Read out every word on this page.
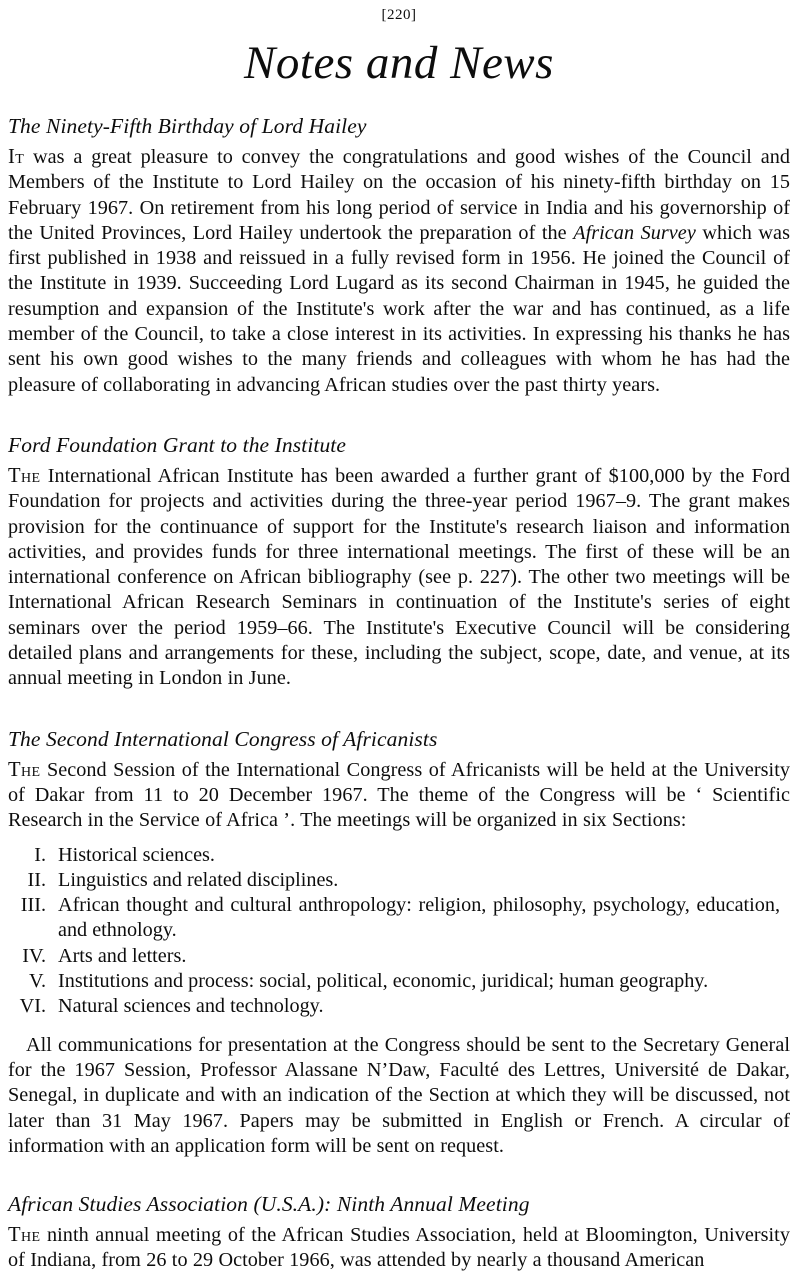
[220]
Notes and News
The Ninety-Fifth Birthday of Lord Hailey

It was a great pleasure to convey the congratulations and good wishes of the Council and Members of the Institute to Lord Hailey on the occasion of his ninety-fifth birthday on 15 February 1967. On retirement from his long period of service in India and his governorship of the United Provinces, Lord Hailey undertook the preparation of the African Survey which was first published in 1938 and reissued in a fully revised form in 1956. He joined the Council of the Institute in 1939. Succeeding Lord Lugard as its second Chairman in 1945, he guided the resumption and expansion of the Institute's work after the war and has continued, as a life member of the Council, to take a close interest in its activities. In expressing his thanks he has sent his own good wishes to the many friends and colleagues with whom he has had the pleasure of collaborating in advancing African studies over the past thirty years.

Ford Foundation Grant to the Institute

The International African Institute has been awarded a further grant of $100,000 by the Ford Foundation for projects and activities during the three-year period 1967–9. The grant makes provision for the continuance of support for the Institute's research liaison and information activities, and provides funds for three international meetings. The first of these will be an international conference on African bibliography (see p. 227). The other two meetings will be International African Research Seminars in continuation of the Institute's series of eight seminars over the period 1959–66. The Institute's Executive Council will be considering detailed plans and arrangements for these, including the subject, scope, date, and venue, at its annual meeting in London in June.

The Second International Congress of Africanists

The Second Session of the International Congress of Africanists will be held at the University of Dakar from 11 to 20 December 1967. The theme of the Congress will be ‘ Scientific Research in the Service of Africa ’. The meetings will be organized in six Sections:

I. Historical sciences.
II. Linguistics and related disciplines.
III. African thought and cultural anthropology: religion, philosophy, psychology, education, and ethnology.
IV. Arts and letters.
V. Institutions and process: social, political, economic, juridical; human geography.
VI. Natural sciences and technology.

All communications for presentation at the Congress should be sent to the Secretary General for the 1967 Session, Professor Alassane N’Daw, Faculté des Lettres, Université de Dakar, Senegal, in duplicate and with an indication of the Section at which they will be discussed, not later than 31 May 1967. Papers may be submitted in English or French. A circular of information with an application form will be sent on request.

African Studies Association (U.S.A.): Ninth Annual Meeting

The ninth annual meeting of the African Studies Association, held at Bloomington, University of Indiana, from 26 to 29 October 1966, was attended by nearly a thousand American
